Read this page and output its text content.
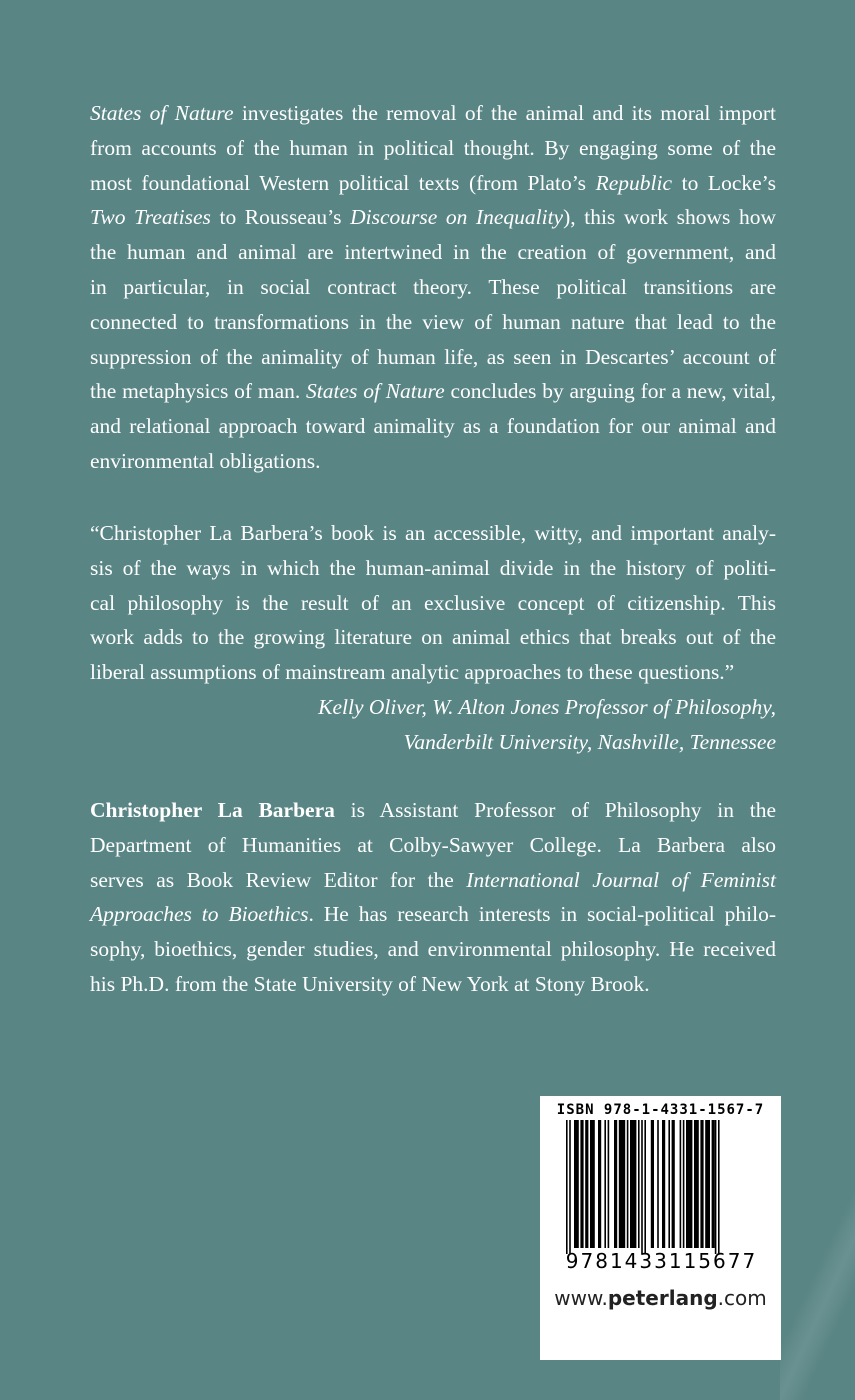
States of Nature investigates the removal of the animal and its moral import
from accounts of the human in political thought. By engaging some of the
most foundational Western political texts (from Plato’s Republic to Locke’s
Two Treatises to Rousseau’s Discourse on Inequality), this work shows how
the human and animal are intertwined in the creation of government, and
in particular, in social contract theory. These political transitions are
connected to transformations in the view of human nature that lead to the
suppression of the animality of human life, as seen in Descartes’ account of
the metaphysics of man. States of Nature concludes by arguing for a new, vital,
and relational approach toward animality as a foundation for our animal and
environmental obligations.
“Christopher La Barbera’s book is an accessible, witty, and important analy-
sis of the ways in which the human-animal divide in the history of politi-
cal philosophy is the result of an exclusive concept of citizenship. This
work adds to the growing literature on animal ethics that breaks out of the
liberal assumptions of mainstream analytic approaches to these questions.”
Kelly Oliver, W. Alton Jones Professor of Philosophy,
Vanderbilt University, Nashville, Tennessee
Christopher La Barbera is Assistant Professor of Philosophy in the
Department of Humanities at Colby-Sawyer College. La Barbera also
serves as Book Review Editor for the International Journal of Feminist
Approaches to Bioethics. He has research interests in social-political philo-
sophy, bioethics, gender studies, and environmental philosophy. He received
his Ph.D. from the State University of New York at Stony Brook.
ISBN 978-1-4331-1567-7
9781433115677
www.peterlang.com
